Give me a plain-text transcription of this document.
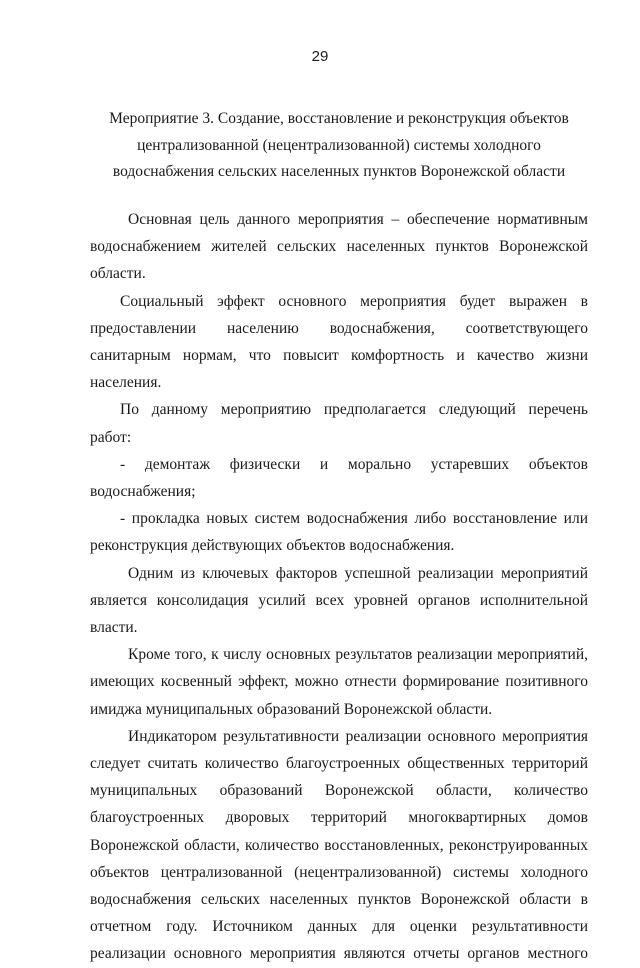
29
Мероприятие 3. Создание, восстановление и реконструкция объектов централизованной (нецентрализованной) системы холодного водоснабжения сельских населенных пунктов Воронежской области

Основная цель данного мероприятия – обеспечение нормативным водоснабжением жителей сельских населенных пунктов Воронежской области.

Социальный эффект основного мероприятия будет выражен в предоставлении населению водоснабжения, соответствующего санитарным нормам, что повысит комфортность и качество жизни населения.

По данному мероприятию предполагается следующий перечень работ:

- демонтаж физически и морально устаревших объектов водоснабжения;

- прокладка новых систем водоснабжения либо восстановление или реконструкция действующих объектов водоснабжения.

Одним из ключевых факторов успешной реализации мероприятий является консолидация усилий всех уровней органов исполнительной власти.

Кроме того, к числу основных результатов реализации мероприятий, имеющих косвенный эффект, можно отнести формирование позитивного имиджа муниципальных образований Воронежской области.

Индикатором результативности реализации основного мероприятия следует считать количество благоустроенных общественных территорий муниципальных образований Воронежской области, количество благоустроенных дворовых территорий многоквартирных домов Воронежской области, количество восстановленных, реконструированных объектов централизованной (нецентрализованной) системы холодного водоснабжения сельских населенных пунктов Воронежской области в отчетном году. Источником данных для оценки результативности реализации основного мероприятия являются отчеты органов местного
